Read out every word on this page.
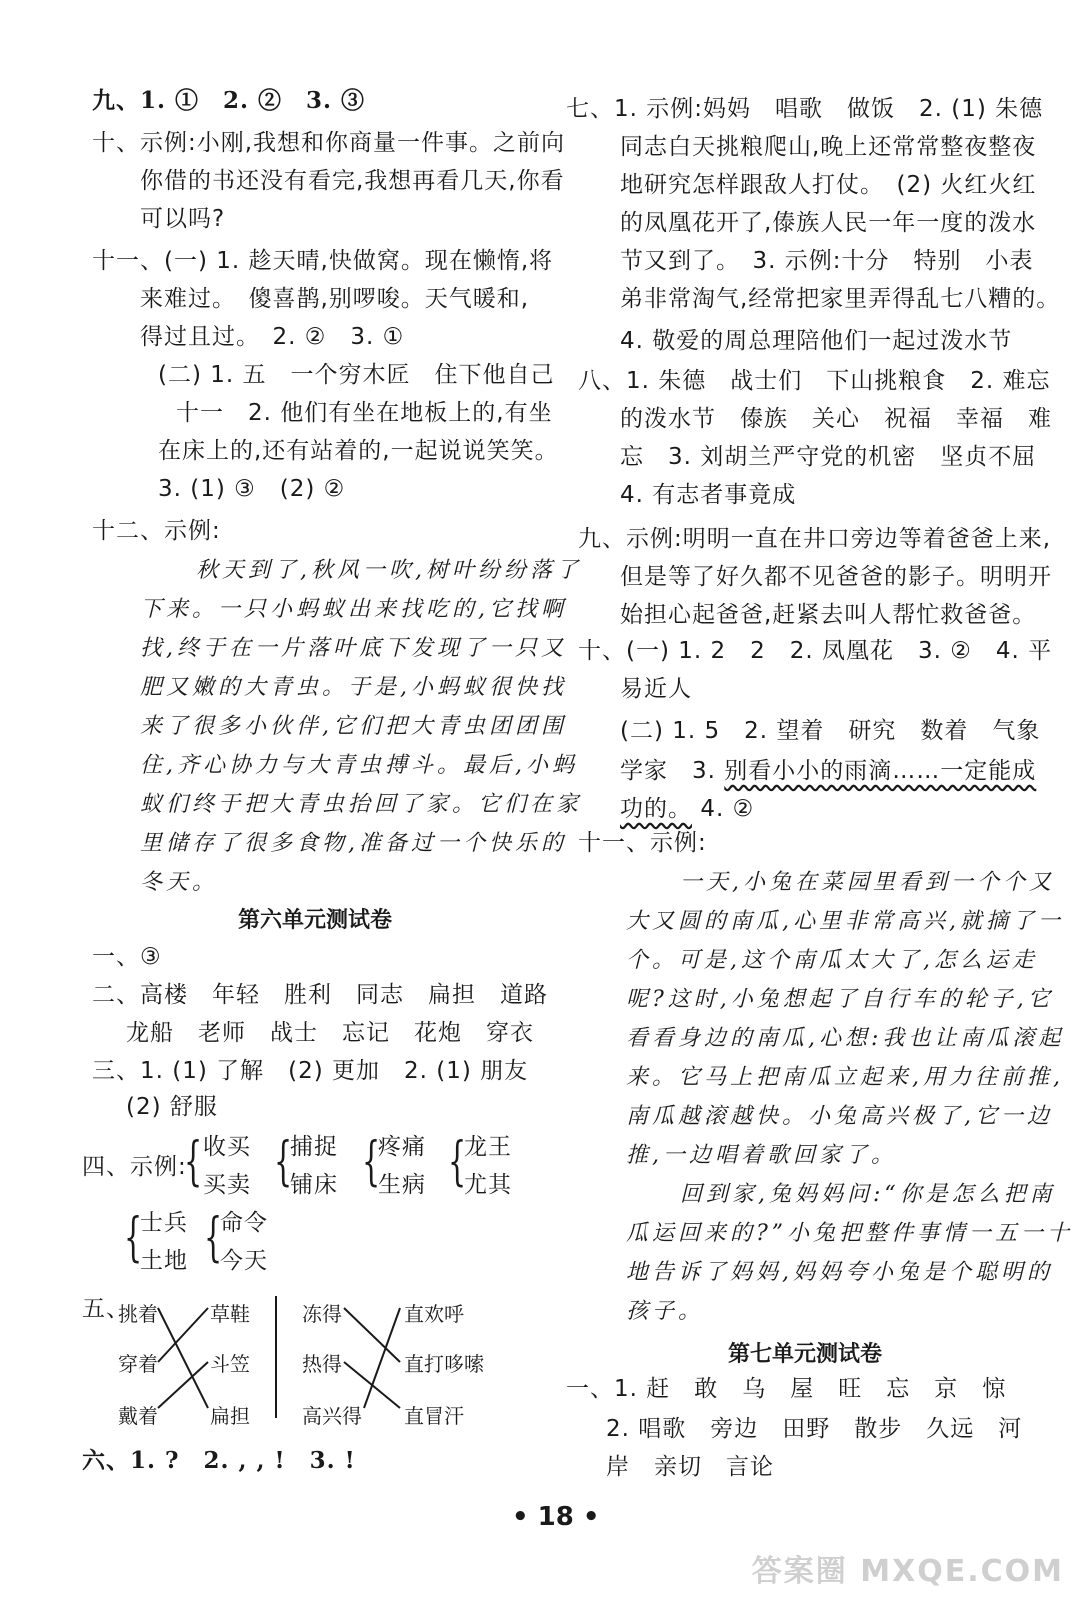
九、1. ①　2. ②　3. ③
十、示例:小刚,我想和你商量一件事。之前向
你借的书还没有看完,我想再看几天,你看
可以吗?
十一、(一) 1. 趁天晴,快做窝。现在懒惰,将
来难过。　傻喜鹊,别啰唆。天气暖和,
得过且过。　2. ②　3. ①
(二) 1. 五　一个穷木匠　住下他自己
十一　2. 他们有坐在地板上的,有坐
在床上的,还有站着的,一起说说笑笑。
3. (1) ③　(2) ②
十二、示例:
秋天到了,秋风一吹,树叶纷纷落了
下来。一只小蚂蚁出来找吃的,它找啊
找,终于在一片落叶底下发现了一只又
肥又嫩的大青虫。于是,小蚂蚁很快找
来了很多小伙伴,它们把大青虫团团围
住,齐心协力与大青虫搏斗。最后,小蚂
蚁们终于把大青虫抬回了家。它们在家
里储存了很多食物,准备过一个快乐的
冬天。
第六单元测试卷
一、③
二、高楼　年轻　胜利　同志　扁担　道路
龙船　老师　战士　忘记　花炮　穿衣
三、1. (1) 了解　(2) 更加　2. (1) 朋友
(2) 舒服
四、示例:
{ 收买
买卖 {
捕捉
铺床 {
疼痛
生病 {
龙王
尤其
{
士兵
土地 {
命令
今天
五、
挑着
穿着
戴着
草鞋
斗笠
扁担
冻得
热得
高兴得
直欢呼
直打哆嗦
直冒汗
六、1. ?　2. , , !　3. !
七、1. 示例:妈妈　唱歌　做饭　2. (1) 朱德
同志白天挑粮爬山,晚上还常常整夜整夜
地研究怎样跟敌人打仗。　(2) 火红火红
的凤凰花开了,傣族人民一年一度的泼水
节又到了。　3. 示例:十分　特别　小表
弟非常淘气,经常把家里弄得乱七八糟的。
4. 敬爱的周总理陪他们一起过泼水节
八、1. 朱德　战士们　下山挑粮食　2. 难忘
的泼水节　傣族　关心　祝福　幸福　难
忘　3. 刘胡兰严守党的机密　坚贞不屈
4. 有志者事竟成
九、示例:明明一直在井口旁边等着爸爸上来,
但是等了好久都不见爸爸的影子。明明开
始担心起爸爸,赶紧去叫人帮忙救爸爸。
十、(一) 1. 2　2　2. 凤凰花　3. ②　4. 平
易近人
(二) 1. 5　2. 望着　研究　数着　气象
学家　3. 别看小小的雨滴……一定能成
功的。 4. ②
十一、示例:
一天,小兔在菜园里看到一个个又
大又圆的南瓜,心里非常高兴,就摘了一
个。可是,这个南瓜太大了,怎么运走
呢?这时,小兔想起了自行车的轮子,它
看看身边的南瓜,心想:我也让南瓜滚起
来。它马上把南瓜立起来,用力往前推,
南瓜越滚越快。小兔高兴极了,它一边
推,一边唱着歌回家了。
回到家,兔妈妈问:“你是怎么把南
瓜运回来的?”小兔把整件事情一五一十
地告诉了妈妈,妈妈夸小兔是个聪明的
孩子。
第七单元测试卷
一、1. 赶　敢　乌　屋　旺　忘　京　惊
2. 唱歌　旁边　田野　散步　久远　河
岸　亲切　言论
• 18 •
答案圈 MXQE.COM
